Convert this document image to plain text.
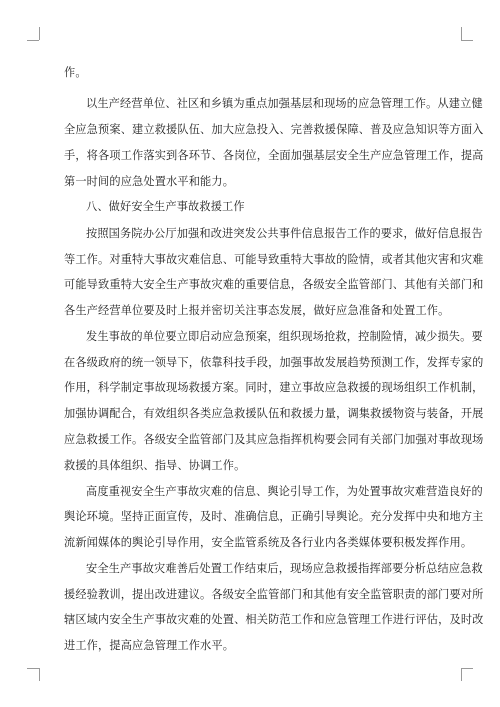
作。
以生产经营单位、社区和乡镇为重点加强基层和现场的应急管理工作。从建立健
全应急预案、建立救援队伍、加大应急投入、完善救援保障、普及应急知识等方面入
手，将各项工作落实到各环节、各岗位，全面加强基层安全生产应急管理工作，提高
第一时间的应急处置水平和能力。
八、做好安全生产事故救援工作
按照国务院办公厅加强和改进突发公共事件信息报告工作的要求，做好信息报告
等工作。对重特大事故灾难信息、可能导致重特大事故的险情，或者其他灾害和灾难
可能导致重特大安全生产事故灾难的重要信息，各级安全监管部门、其他有关部门和
各生产经营单位要及时上报并密切关注事态发展，做好应急准备和处置工作。
发生事故的单位要立即启动应急预案，组织现场抢救，控制险情，减少损失。要
在各级政府的统一领导下，依靠科技手段，加强事故发展趋势预测工作，发挥专家的
作用，科学制定事故现场救援方案。同时，建立事故应急救援的现场组织工作机制，
加强协调配合，有效组织各类应急救援队伍和救援力量，调集救援物资与装备，开展
应急救援工作。各级安全监管部门及其应急指挥机构要会同有关部门加强对事故现场
救援的具体组织、指导、协调工作。
高度重视安全生产事故灾难的信息、舆论引导工作，为处置事故灾难营造良好的
舆论环境。坚持正面宣传，及时、准确信息，正确引导舆论。充分发挥中央和地方主
流新闻媒体的舆论引导作用，安全监管系统及各行业内各类媒体要积极发挥作用。
安全生产事故灾难善后处置工作结束后，现场应急救援指挥部要分析总结应急救
援经验教训，提出改进建议。各级安全监管部门和其他有安全监管职责的部门要对所
辖区域内安全生产事故灾难的处置、相关防范工作和应急管理工作进行评估，及时改
进工作，提高应急管理工作水平。
